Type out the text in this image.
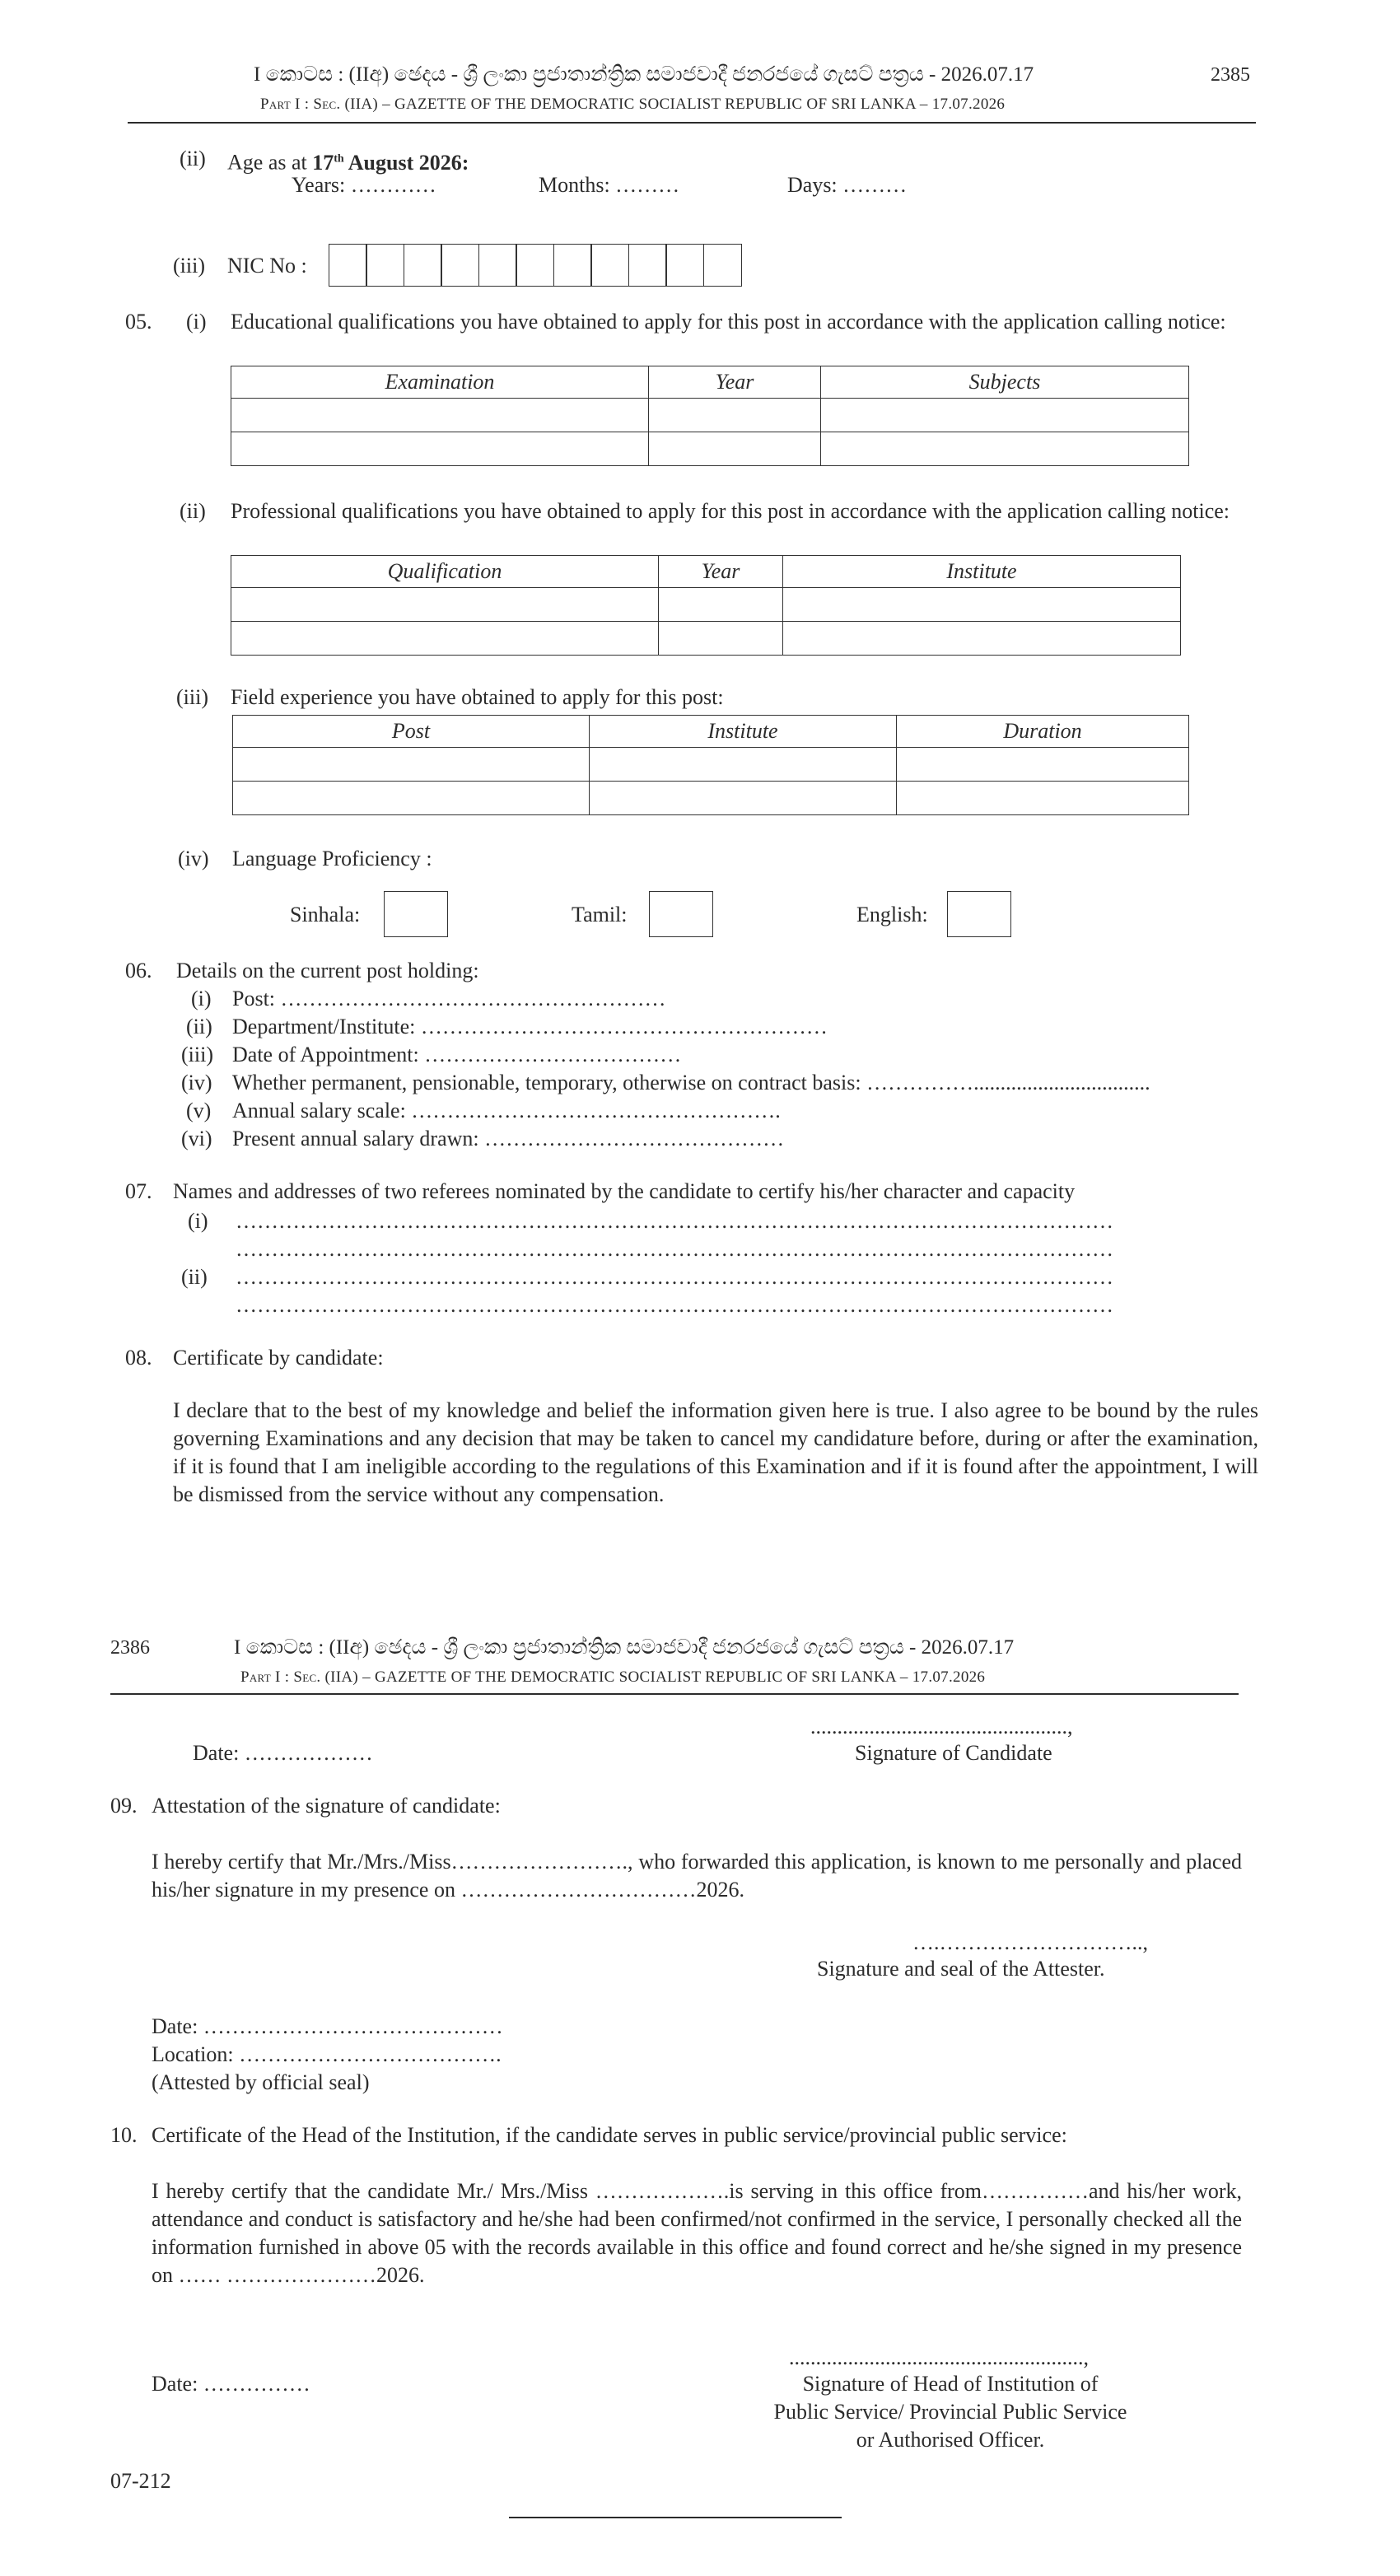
I කොටස : (IIඅ) ඡෙදය - ශ්‍රී ලංකා ප්‍රජාතාන්ත්‍රික සමාජවාදී ජනරජයේ ගැසට් පත්‍රය - 2026.07.17	2385
Part I : Sec. (IIA) – GAZETTE OF THE DEMOCRATIC SOCIALIST REPUBLIC OF SRI LANKA – 17.07.2026
(ii) Age as at 17th August 2026:
Years: …………	Months: ………	Days: ………
(iii) NIC No :
05. (i) Educational qualifications you have obtained to apply for this post in accordance with the application calling notice:
Examination	Year	Subjects

(ii) Professional qualifications you have obtained to apply for this post in accordance with the application calling notice:
Qualification	Year	Institute

(iii) Field experience you have obtained to apply for this post:
Post	Institute	Duration

(iv) Language Proficiency :
Sinhala:	Tamil:	English:
06. Details on the current post holding:
(i) Post: ………………………………………………
(ii) Department/Institute: …………………………………………………
(iii) Date of Appointment: ………………………………
(iv) Whether permanent, pensionable, temporary, otherwise on contract basis: …………….................................
(v) Annual salary scale: …………………………………………….
(vi) Present annual salary drawn: ……………………………………
07. Names and addresses of two referees nominated by the candidate to certify his/her character and capacity
(i) ……………………………………………………………………………………………………………
……………………………………………………………………………………………………………
(ii) ……………………………………………………………………………………………………………
……………………………………………………………………………………………………………
08. Certificate by candidate:
I declare that to the best of my knowledge and belief the information given here is true. I also agree to be bound by the rules governing Examinations and any decision that may be taken to cancel my candidature before, during or after the examination, if it is found that I am ineligible according to the regulations of this Examination and if it is found after the appointment, I will be dismissed from the service without any compensation.
2386	I කොටස : (IIඅ) ඡෙදය - ශ්‍රී ලංකා ප්‍රජාතාන්ත්‍රික සමාජවාදී ජනරජයේ ගැසට් පත්‍රය - 2026.07.17
Part I : Sec. (IIA) – GAZETTE OF THE DEMOCRATIC SOCIALIST REPUBLIC OF SRI LANKA – 17.07.2026
................................................,
Date: ………………	Signature of Candidate
09. Attestation of the signature of candidate:
I hereby certify that Mr./Mrs./Miss……………………., who forwarded this application, is known to me personally and placed his/her signature in my presence on ……………………………2026.
….………………………..,
Signature and seal of the Attester.
Date: ……………………………………
Location: ……………………………….
(Attested by official seal)
10. Certificate of the Head of the Institution, if the candidate serves in public service/provincial public service:
I hereby certify that the candidate Mr./ Mrs./Miss ……………….is serving in this office from……………and his/her work, attendance and conduct is satisfactory and he/she had been confirmed/not confirmed in the service, I personally checked all the information furnished in above 05 with the records available in this office and found correct and he/she signed in my presence on …… …………………2026.
.......................................................,
Date: ……………	Signature of Head of Institution of
Public Service/ Provincial Public Service
or Authorised Officer.
07-212
